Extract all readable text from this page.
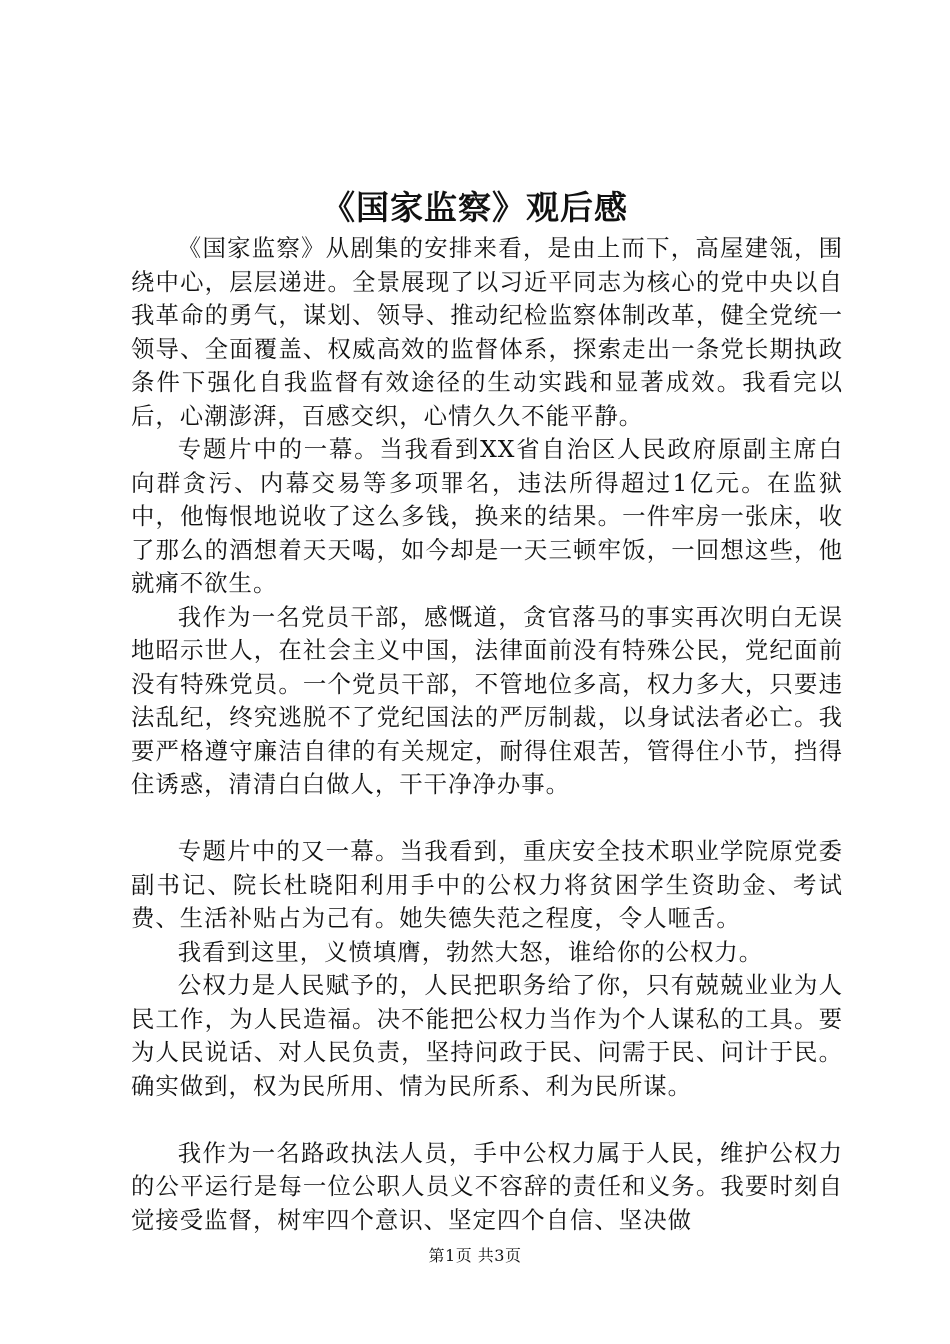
《国家监察》观后感

《国家监察》从剧集的安排来看，是由上而下，高屋建瓴，围绕中心，层层递进。全景展现了以习近平同志为核心的党中央以自我革命的勇气，谋划、领导、推动纪检监察体制改革，健全党统一领导、全面覆盖、权威高效的监督体系，探索走出一条党长期执政条件下强化自我监督有效途径的生动实践和显著成效。我看完以后，心潮澎湃，百感交织，心情久久不能平静。

专题片中的一幕。当我看到XX省自治区人民政府原副主席白向群贪污、内幕交易等多项罪名，违法所得超过1亿元。在监狱中，他悔恨地说收了这么多钱，换来的结果。一件牢房一张床，收了那么的酒想着天天喝，如今却是一天三顿牢饭，一回想这些，他就痛不欲生。

我作为一名党员干部，感慨道，贪官落马的事实再次明白无误地昭示世人，在社会主义中国，法律面前没有特殊公民，党纪面前没有特殊党员。一个党员干部，不管地位多高，权力多大，只要违法乱纪，终究逃脱不了党纪国法的严厉制裁，以身试法者必亡。我要严格遵守廉洁自律的有关规定，耐得住艰苦，管得住小节，挡得住诱惑，清清白白做人，干干净净办事。

专题片中的又一幕。当我看到，重庆安全技术职业学院原党委副书记、院长杜晓阳利用手中的公权力将贫困学生资助金、考试费、生活补贴占为己有。她失德失范之程度，令人咂舌。

我看到这里，义愤填膺，勃然大怒，谁给你的公权力。

公权力是人民赋予的，人民把职务给了你，只有兢兢业业为人民工作，为人民造福。决不能把公权力当作为个人谋私的工具。要为人民说话、对人民负责，坚持问政于民、问需于民、问计于民。确实做到，权为民所用、情为民所系、利为民所谋。

我作为一名路政执法人员，手中公权力属于人民，维护公权力的公平运行是每一位公职人员义不容辞的责任和义务。我要时刻自觉接受监督，树牢四个意识、坚定四个自信、坚决做

第1页 共3页
